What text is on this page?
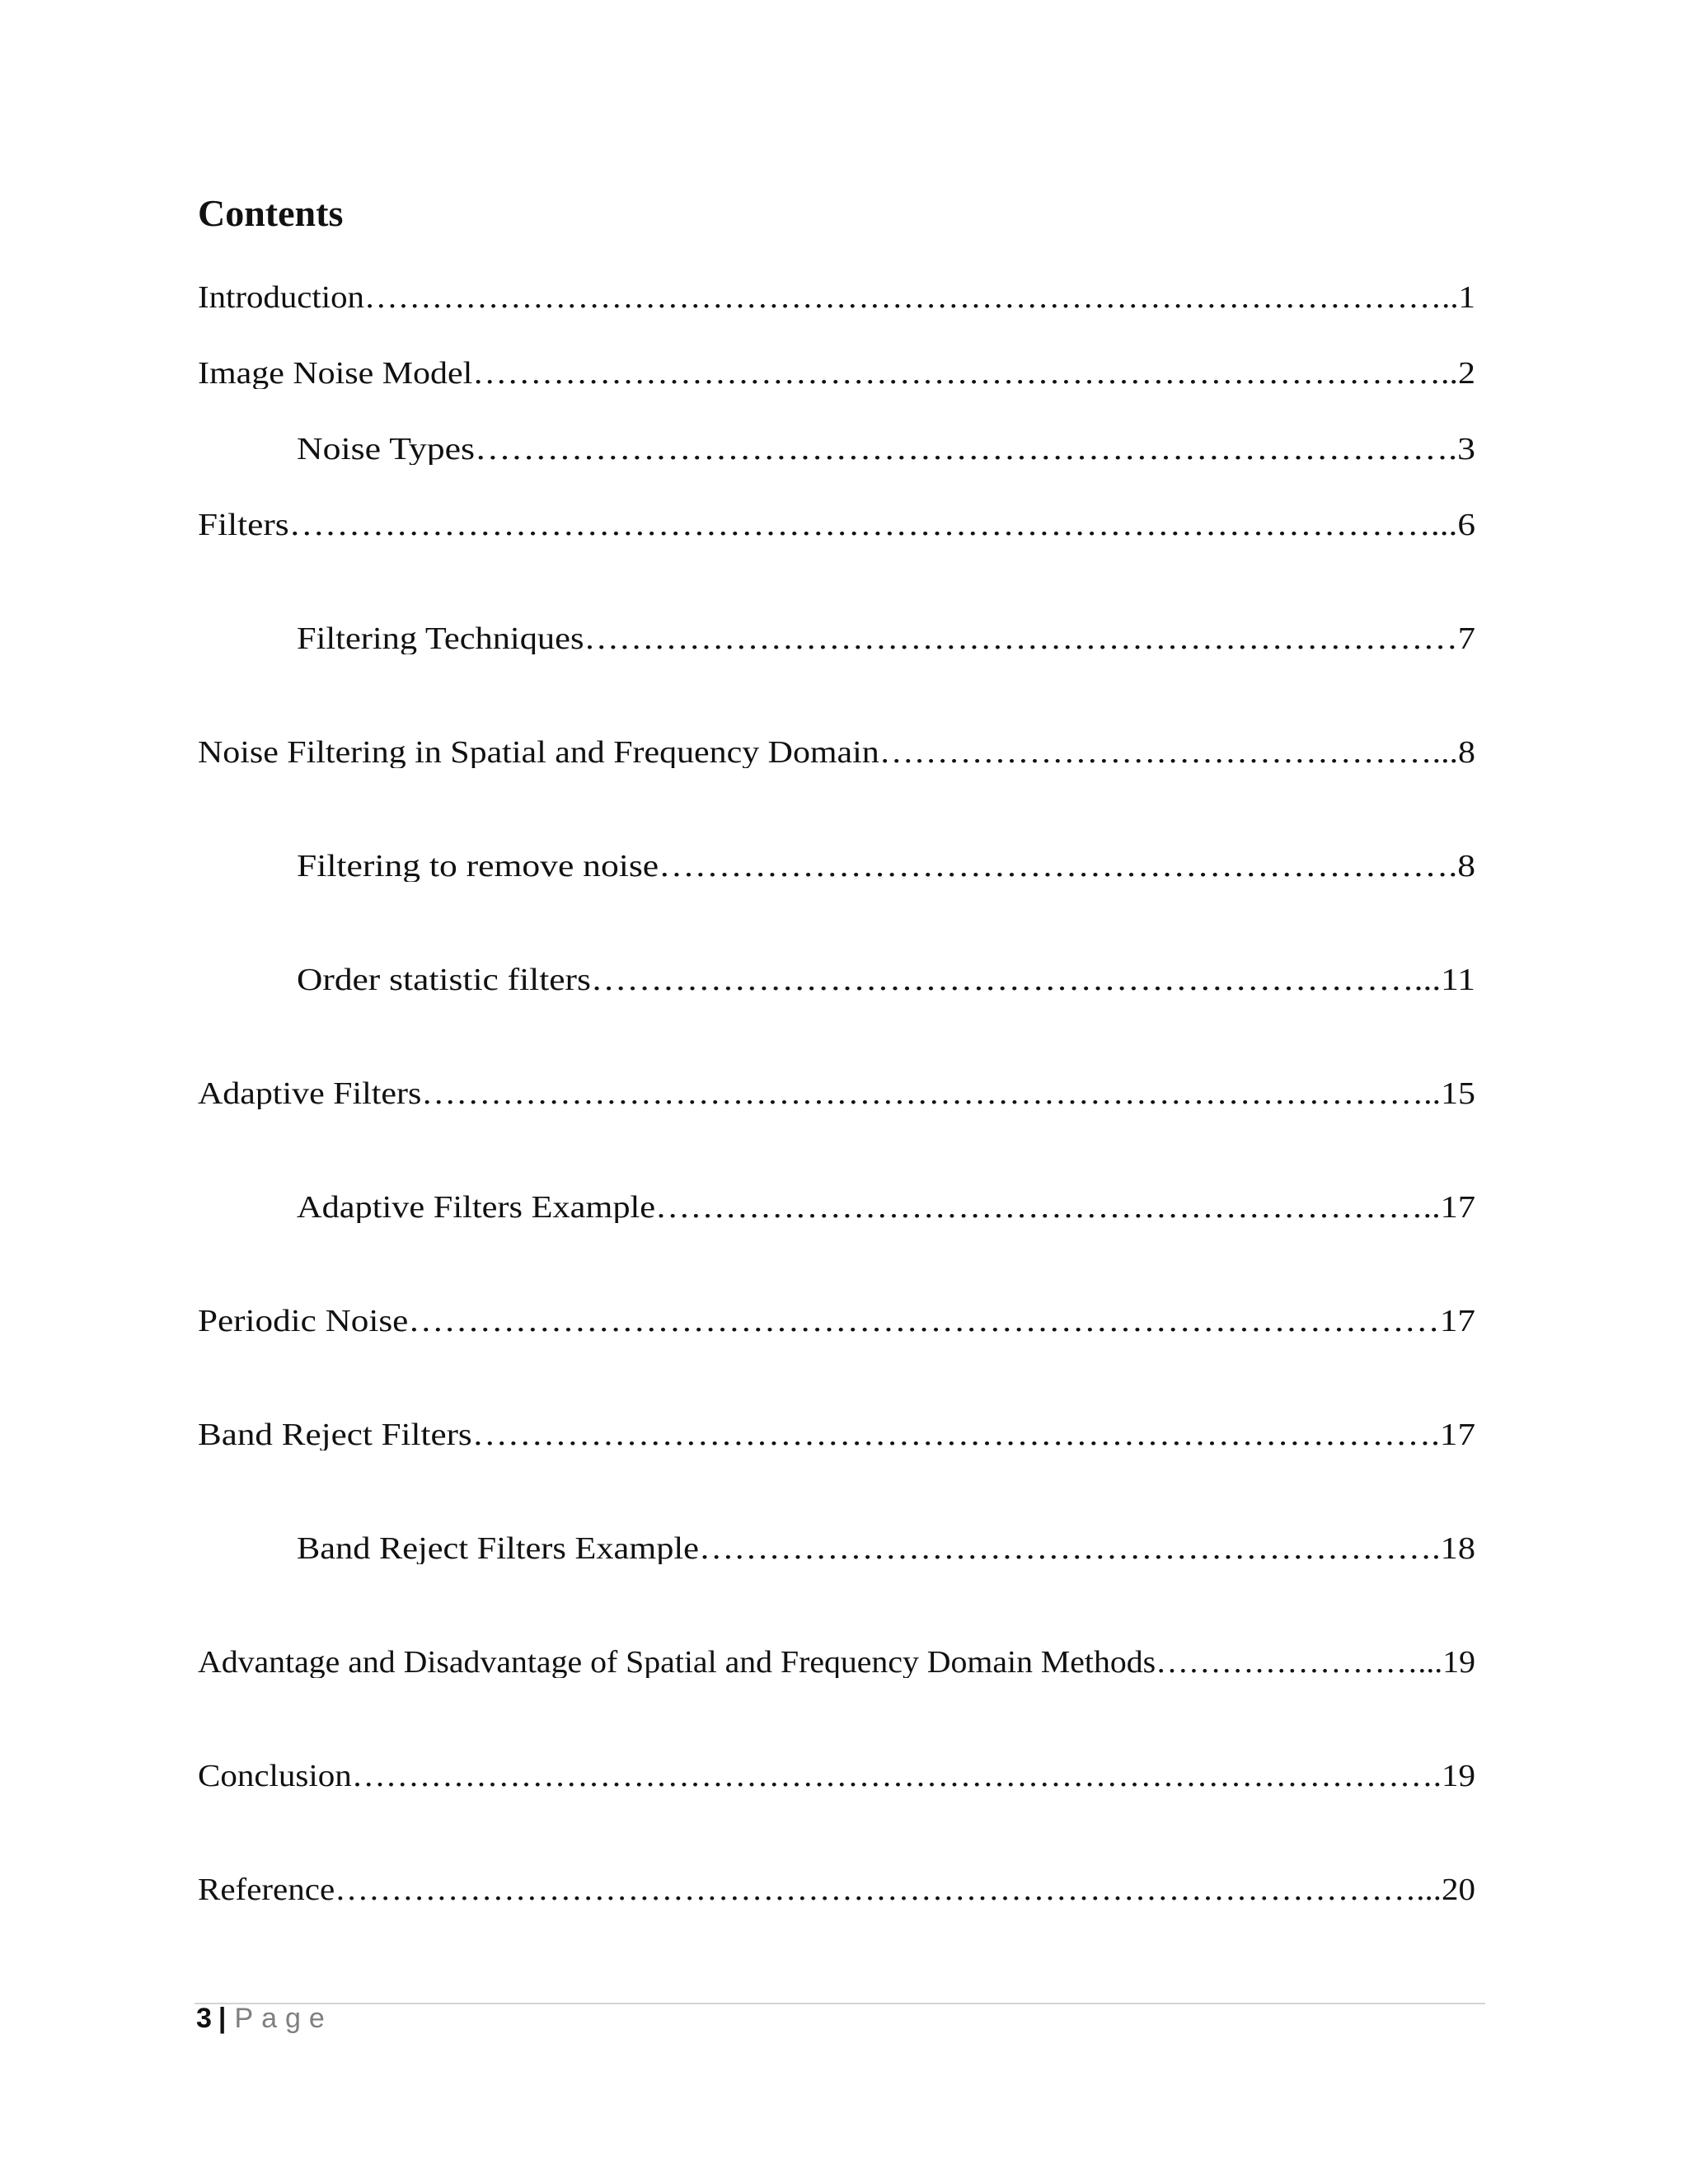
Contents
Introduction……………………………………………………………………………………..1
Image Noise Model…………………………………………………………………………..2
Noise Types……………………………………………………………………….3
Filters……………………………………………………………………………………...6
Filtering Techniques…………………………………………………………………7
Noise Filtering in Spatial and Frequency Domain…………………………………………...8
Filtering to remove noise………………………………………………………….8
Order statistic filters……………………………………………………………...11
Adaptive Filters……………………………………………………………………………..15
Adaptive Filters Example…………………………………………………………..17
Periodic Noise……………………………………………………………………………17
Band Reject Filters……………………………………………………………………….17
Band Reject Filters Example……………………………………………………….18
Advantage and Disadvantage of Spatial and Frequency Domain Methods……………………...19
Conclusion…………………………………………………………………………………….19
Reference……………………………………………………………………………………...20
3 | Page
